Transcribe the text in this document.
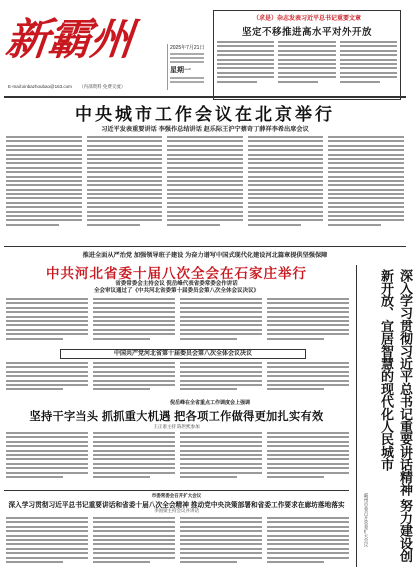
新霸州
E-mail:xinbazhoubao@163.com （内部资料 免费交流）
2025年7月21日
星期一
（求是）杂志发表习近平总书记重要文章
坚定不移推进高水平对外开放
中央城市工作会议在北京举行
习近平发表重要讲话 李强作总结讲话 赵乐际王沪宁蔡奇丁薛祥李希出席会议
推进全面从严治党 加强领导班子建设 为奋力谱写中国式现代化建设河北篇章提供坚强保障
中共河北省委十届八次全会在石家庄举行
省委常委会主持会议 倪岳峰代表省委常委会作讲话
全会审议通过了《中共河北省委第十届委员会第八次全体会议决议》
中国共产党河北省第十届委员会第八次全体会议决议
倪岳峰在全省重点工作调度会上强调
坚持干字当头 抓抓重大机遇 把各项工作做得更加扎实有效
王正谱主持 陈世熙参加
市委常委会召开扩大会议
深入学习贯彻习近平总书记重要讲话和省委十届八次全会精神 推动党中央决策部署和省委工作要求在廊坊落地落实
李国梁主持会议并讲话	深入学习贯彻习近平总书记重要讲话精神 努力建设创新开放、宜居智慧的现代化人民城市
霸州市委召开常委扩大会议
